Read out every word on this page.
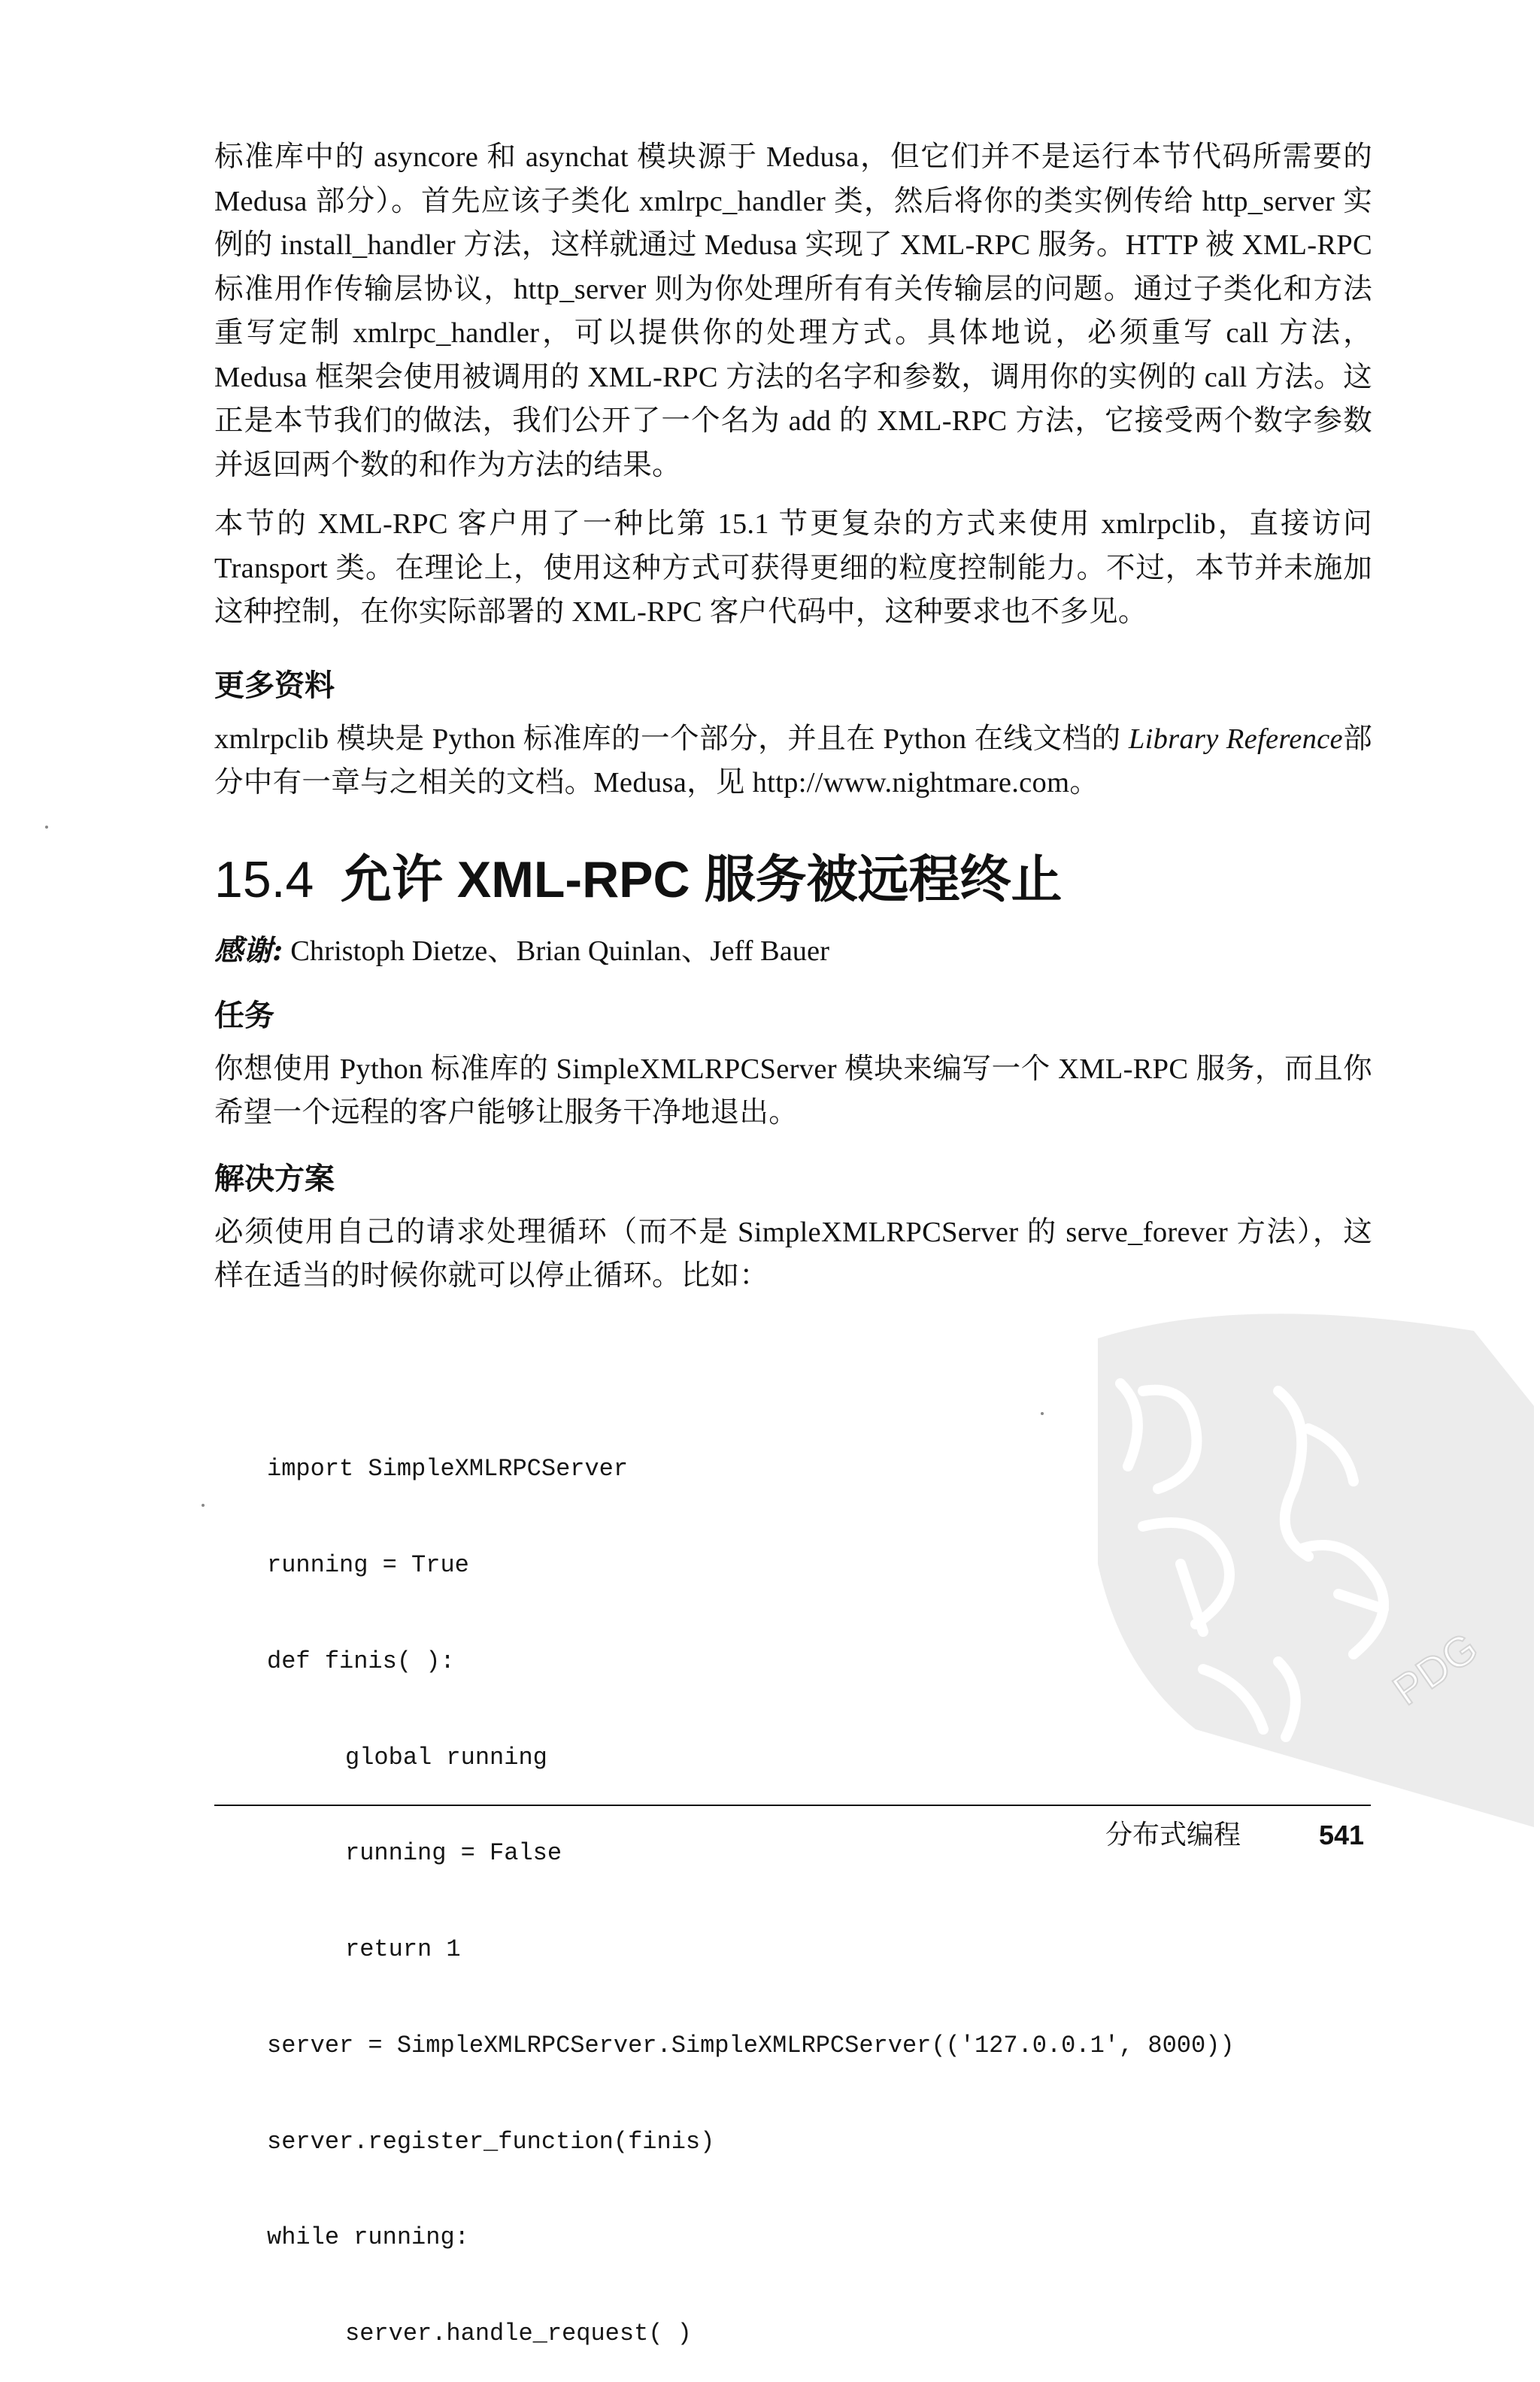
标准库中的 asyncore 和 asynchat 模块源于 Medusa，但它们并不是运行本节代码所需要的 Medusa 部分）。首先应该子类化 xmlrpc_handler 类，然后将你的类实例传给 http_server 实例的 install_handler 方法，这样就通过 Medusa 实现了 XML-RPC 服务。HTTP 被 XML-RPC 标准用作传输层协议，http_server 则为你处理所有有关传输层的问题。通过子类化和方法重写定制 xmlrpc_handler，可以提供你的处理方式。具体地说，必须重写 call 方法，Medusa 框架会使用被调用的 XML-RPC 方法的名字和参数，调用你的实例的 call 方法。这正是本节我们的做法，我们公开了一个名为 add 的 XML-RPC 方法，它接受两个数字参数并返回两个数的和作为方法的结果。

本节的 XML-RPC 客户用了一种比第 15.1 节更复杂的方式来使用 xmlrpclib，直接访问 Transport 类。在理论上，使用这种方式可获得更细的粒度控制能力。不过，本节并未施加这种控制，在你实际部署的 XML-RPC 客户代码中，这种要求也不多见。

更多资料

xmlrpclib 模块是 Python 标准库的一个部分，并且在 Python 在线文档的 Library Reference部分中有一章与之相关的文档。Medusa，见 http://www.nightmare.com。

15.4 允许 XML-RPC 服务被远程终止

感谢: Christoph Dietze、Brian Quinlan、Jeff Bauer

任务

你想使用 Python 标准库的 SimpleXMLRPCServer 模块来编写一个 XML-RPC 服务，而且你希望一个远程的客户能够让服务干净地退出。

解决方案

必须使用自己的请求处理循环（而不是 SimpleXMLRPCServer 的 serve_forever 方法），这样在适当的时候你就可以停止循环。比如：

import SimpleXMLRPCServer

running = True

def finis( ):

global running

running = False

return 1

server = SimpleXMLRPCServer.SimpleXMLRPCServer(('127.0.0.1', 8000))

server.register_function(finis)

while running:

server.handle_request( )

PDG
分布式编程	541
